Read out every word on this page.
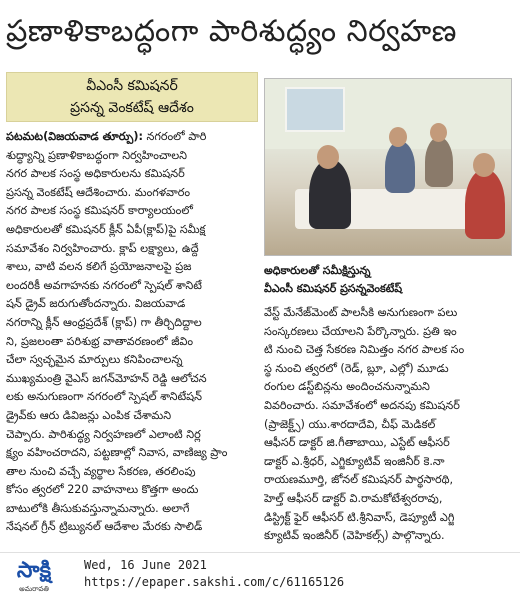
ప్రణాళికాబద్ధంగా పారిశుద్ధ్యం నిర్వహణ
వీఎంసీ కమిషనర్
ప్రసన్న వెంకటేష్ ఆదేశం
పటమట(విజయవాడ తూర్పు): నగరంలో పారి
శుద్ధ్యాన్ని ప్రణాళికాబద్ధంగా నిర్వహించాలని
నగర పాలక సంస్థ అధికారులను కమిషనర్
ప్రసన్న వెంకటేష్ ఆదేశించారు. మంగళవారం
నగర పాలక సంస్థ కమిషనర్ కార్యాలయంలో
అధికారులతో కమిషనర్ క్లీన్ ఏపీ(క్లాప్)పై సమీక్ష
సమావేశం నిర్వహించారు. క్లాప్ లక్ష్యాలు, ఉద్దే
శాలు, వాటి వలన కలిగే ప్రయోజనాలపై ప్రజ
లందరికీ అవగాహనకు నగరంలో స్పెషల్ శానిటే
షన్ డ్రైవ్ జరుగుతోందన్నారు. విజయవాడ
నగరాన్ని క్లీన్ ఆంధ్రప్రదేశ్ (క్లాప్) గా తీర్చిదిద్దాల
ని, ప్రజలంతా పరిశుభ్ర వాతావరణంలో జీవిం
చేలా స్వచ్ఛమైన మార్పులు కనిపించాలన్న
ముఖ్యమంత్రి వైఎస్ జగన్‌మోహన్ రెడ్డి ఆలోచన
లకు అనుగుణంగా నగరంలో స్పెషల్ శానిటేషన్
డ్రైవ్‌కు ఆరు డివిజన్లు ఎంపిక చేశామని
చెప్పారు. పారిశుద్ధ్య నిర్వహణలో ఎలాంటి నిర్ల
క్ష్యం వహించరాదని, పట్టణాల్లో నివాస, వాణిజ్య ప్రాం
తాల నుంచి వచ్చే వ్యర్థాల సేకరణ, తరలింపు
కోసం త్వరలో 220 వాహనాలు కొత్తగా అందు
బాటులోకి తీసుకువస్తున్నామన్నారు. అలాగే
నేషనల్ గ్రీన్ ట్రిబ్యునల్ ఆదేశాల మేరకు సాలిడ్
అధికారులతో సమీక్షిస్తున్న
వీఎంసీ కమిషనర్ ప్రసన్నవెంకటేష్
వేస్ట్ మేనేజ్‌మెంట్ పాలసీకి అనుగుణంగా పలు
సంస్కరణలు చేయాలని పేర్కొన్నారు. ప్రతి ఇం
టి నుంచి చెత్త సేకరణ నిమిత్తం నగర పాలక సం
స్థ నుంచి త్వరలో (రెడ్, బ్లూ, ఎల్లో) మూడు
రంగుల డస్ట్‌బిన్లను అందించనున్నామని
వివరించారు. సమావేశంలో అదనపు కమిషనర్
(ప్రాజెక్ట్స్) యు.శారదాదేవి, చీఫ్ మెడికల్
ఆఫీసర్ డాక్టర్ జి.గీతాబాయి, ఎస్టేట్ ఆఫీసర్
డాక్టర్ ఎ.శ్రీధర్, ఎగ్జిక్యూటివ్ ఇంజినీర్ కె.నా
రాయణమూర్తి, జోనల్ కమిషనర్ పార్థసారథి,
హెల్త్ ఆఫీసర్ డాక్టర్ వి.రామకోటేశ్వరరావు,
డిస్ట్రిక్ట్ ఫైర్ ఆఫీసర్ టి.శ్రీనివాస్, డెప్యూటీ ఎగ్జి
క్యూటివ్ ఇంజినీర్ (వెహికల్స్) పాల్గొన్నారు.
సాక్షి
అమరావతి
Wed, 16 June 2021
https://epaper.sakshi.com/c/61165126
